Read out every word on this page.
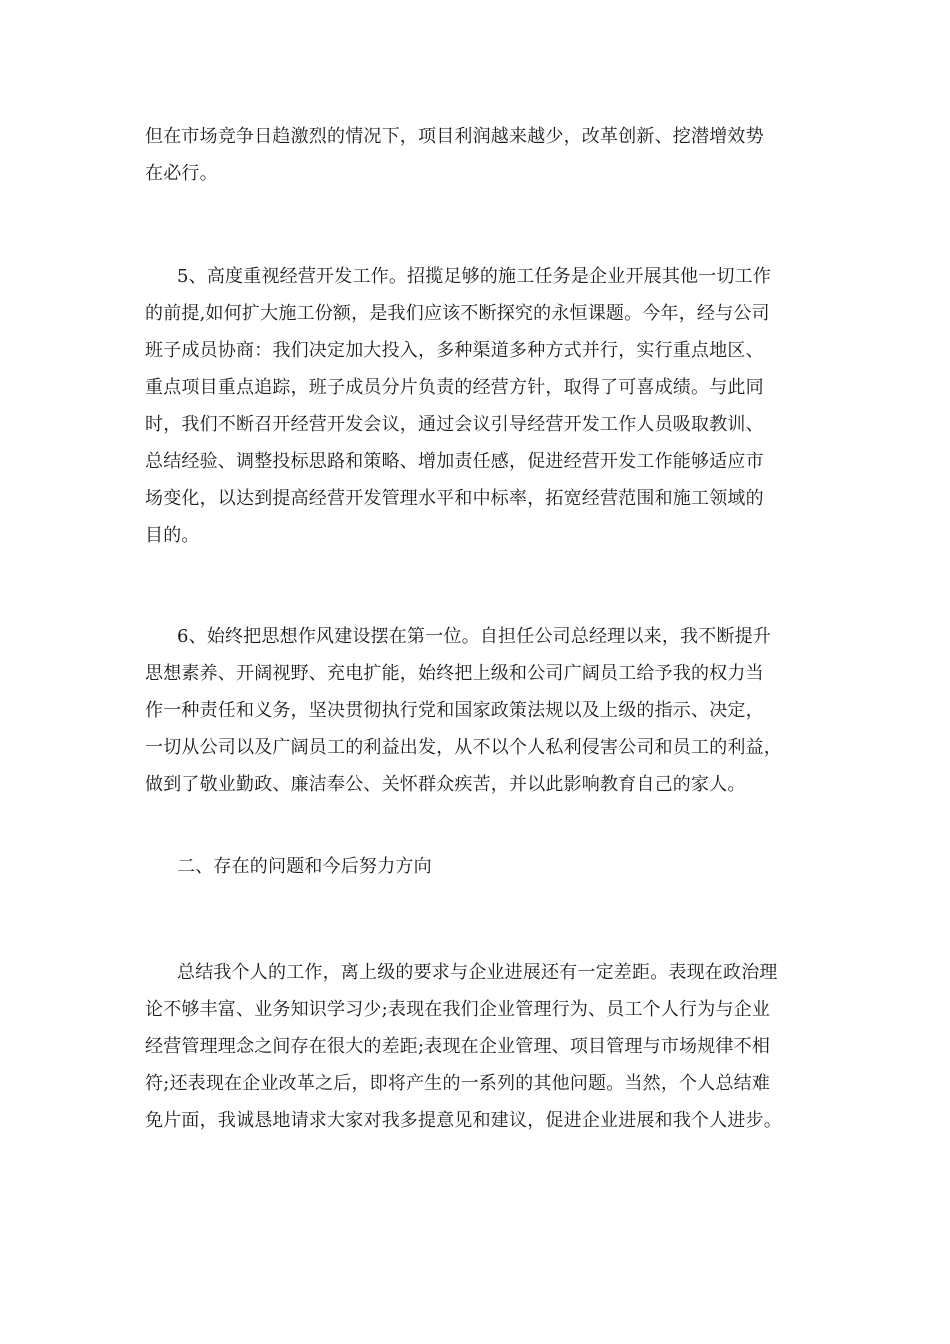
但在市场竞争日趋激烈的情况下，项目利润越来越少，改革创新、挖潜增效势
在必行。

5、高度重视经营开发工作。招揽足够的施工任务是企业开展其他一切工作
的前提,如何扩大施工份额，是我们应该不断探究的永恒课题。今年，经与公司
班子成员协商：我们决定加大投入，多种渠道多种方式并行，实行重点地区、
重点项目重点追踪，班子成员分片负责的经营方针，取得了可喜成绩。与此同
时，我们不断召开经营开发会议，通过会议引导经营开发工作人员吸取教训、
总结经验、调整投标思路和策略、增加责任感，促进经营开发工作能够适应市
场变化，以达到提高经营开发管理水平和中标率，拓宽经营范围和施工领域的
目的。

6、始终把思想作风建设摆在第一位。自担任公司总经理以来，我不断提升
思想素养、开阔视野、充电扩能，始终把上级和公司广阔员工给予我的权力当
作一种责任和义务，坚决贯彻执行党和国家政策法规以及上级的指示、决定，
一切从公司以及广阔员工的利益出发，从不以个人私利侵害公司和员工的利益，
做到了敬业勤政、廉洁奉公、关怀群众疾苦，并以此影响教育自己的家人。

二、存在的问题和今后努力方向

总结我个人的工作，离上级的要求与企业进展还有一定差距。表现在政治理
论不够丰富、业务知识学习少;表现在我们企业管理行为、员工个人行为与企业
经营管理理念之间存在很大的差距;表现在企业管理、项目管理与市场规律不相
符;还表现在企业改革之后，即将产生的一系列的其他问题。当然，个人总结难
免片面，我诚恳地请求大家对我多提意见和建议，促进企业进展和我个人进步。
